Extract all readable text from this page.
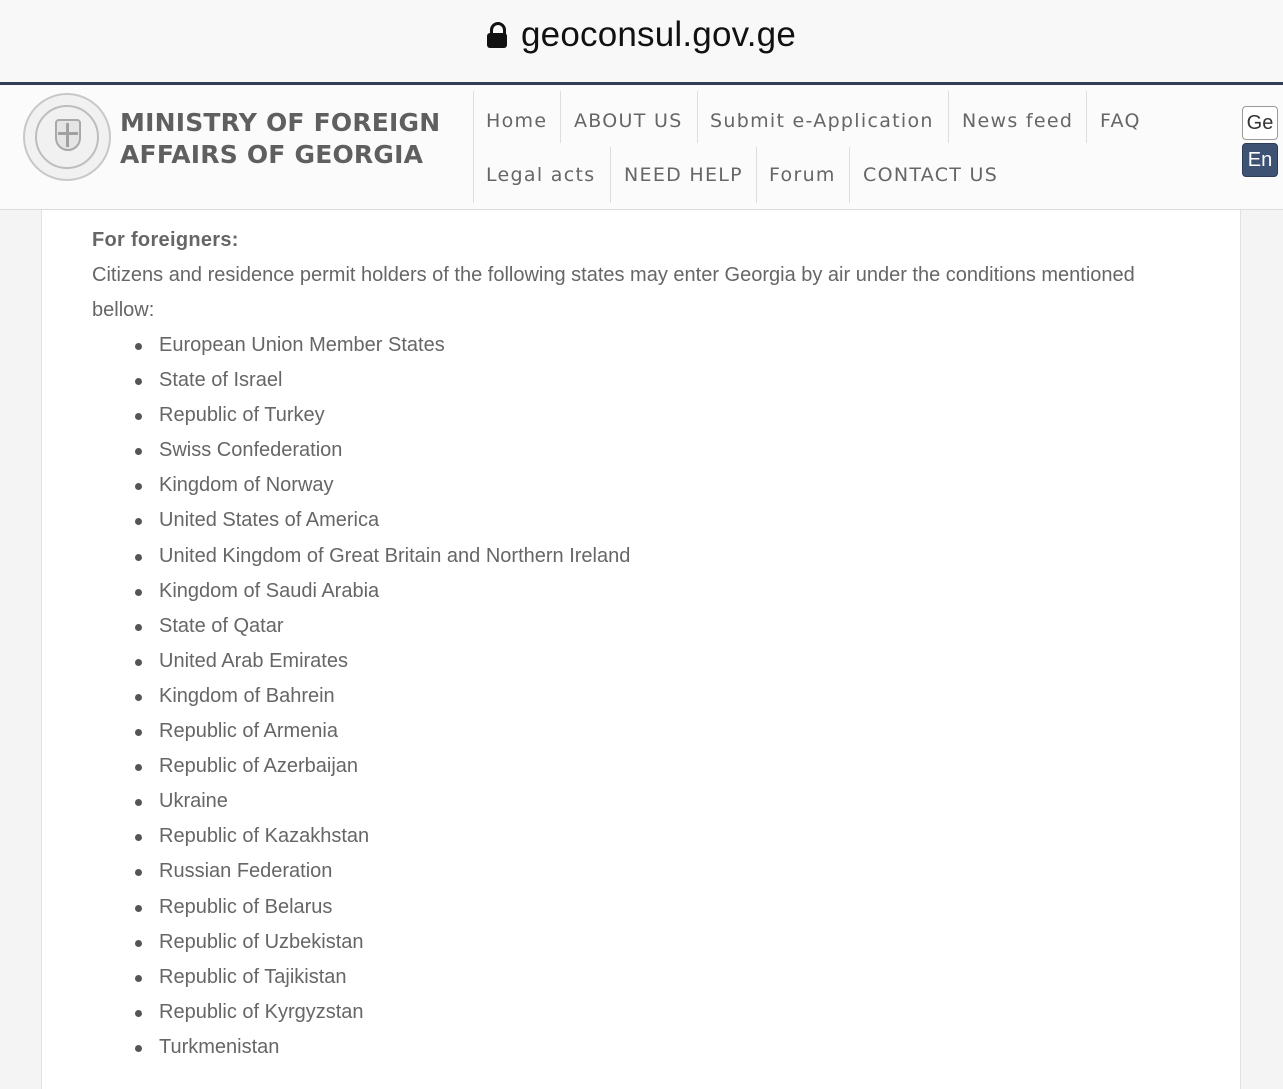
geoconsul.gov.ge
MINISTRY OF FOREIGN
AFFAIRS OF GEORGIA
Home ABOUT US Submit e-Application News feed FAQ
Legal acts NEED HELP Forum CONTACT US
Ge
En
For foreigners:
Citizens and residence permit holders of the following states may enter Georgia by air under the conditions mentioned bellow:
European Union Member States
State of Israel
Republic of Turkey
Swiss Confederation
Kingdom of Norway
United States of America
United Kingdom of Great Britain and Northern Ireland
Kingdom of Saudi Arabia
State of Qatar
United Arab Emirates
Kingdom of Bahrein
Republic of Armenia
Republic of Azerbaijan
Ukraine
Republic of Kazakhstan
Russian Federation
Republic of Belarus
Republic of Uzbekistan
Republic of Tajikistan
Republic of Kyrgyzstan
Turkmenistan
